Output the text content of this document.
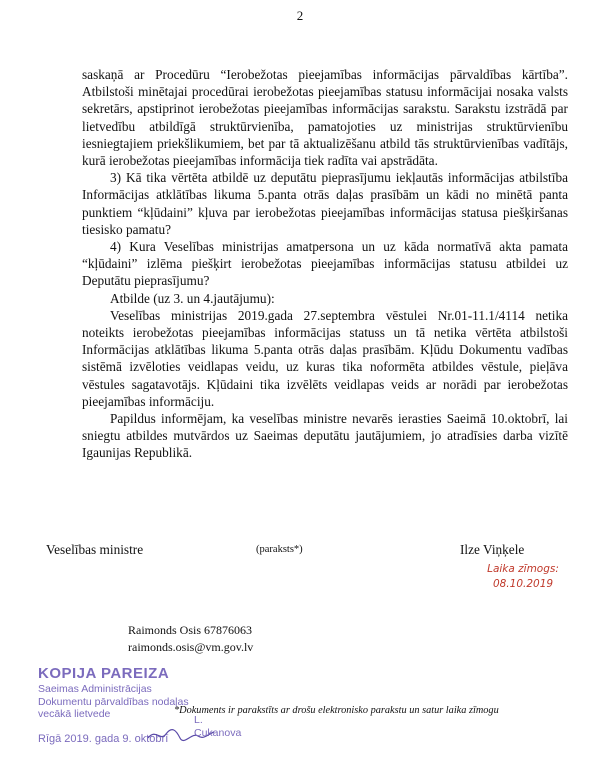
2

saskaņā ar Procedūru “Ierobežotas pieejamības informācijas pārvaldības kārtība”. Atbilstoši minētajai procedūrai ierobežotas pieejamības statusu informācijai nosaka valsts sekretārs, apstiprinot ierobežotas pieejamības informācijas sarakstu. Sarakstu izstrādā par lietvedību atbildīgā struktūrvienība, pamatojoties uz ministrijas struktūrvienību iesniegtajiem priekšlikumiem, bet par tā aktualizēšanu atbild tās struktūrvienības vadītājs, kurā ierobežotas pieejamības informācija tiek radīta vai apstrādāta.

3) Kā tika vērtēta atbildē uz deputātu pieprasījumu iekļautās informācijas atbilstība Informācijas atklātības likuma 5.panta otrās daļas prasībām un kādi no minētā panta punktiem “kļūdaini” kļuva par ierobežotas pieejamības informācijas statusa piešķiršanas tiesisko pamatu?

4) Kura Veselības ministrijas amatpersona un uz kāda normatīvā akta pamata “kļūdaini” izlēma piešķirt ierobežotas pieejamības informācijas statusu atbildei uz Deputātu pieprasījumu?

Atbilde (uz 3. un 4.jautājumu):

Veselības ministrijas 2019.gada 27.septembra vēstulei Nr.01-11.1/4114 netika noteikts ierobežotas pieejamības informācijas statuss un tā netika vērtēta atbilstoši Informācijas atklātības likuma 5.panta otrās daļas prasībām. Kļūdu Dokumentu vadības sistēmā izvēloties veidlapas veidu, uz kuras tika noformēta atbildes vēstule, pieļāva vēstules sagatavotājs. Kļūdaini tika izvēlēts veidlapas veids ar norādi par ierobežotas pieejamības informāciju.

Papildus informējam, ka veselības ministre nevarēs ierasties Saeimā 10.oktobrī, lai sniegtu atbildes mutvārdos uz Saeimas deputātu jautājumiem, jo atradīsies darba vizītē Igaunijas Republikā.

Veselības ministre	(paraksts*)	Ilze Viņķele
Laika zīmogs:
08.10.2019
Raimonds Osis 67876063
raimonds.osis@vm.gov.lv
KOPIJA PAREIZA
Saeimas Administrācijas
Dokumentu pārvaldības nodaļas
vecākā lietvede	L. Cukanova
Rīgā 2019. gada 9. oktobrī
*Dokuments ir parakstīts ar drošu elektronisko parakstu un satur laika zīmogu
